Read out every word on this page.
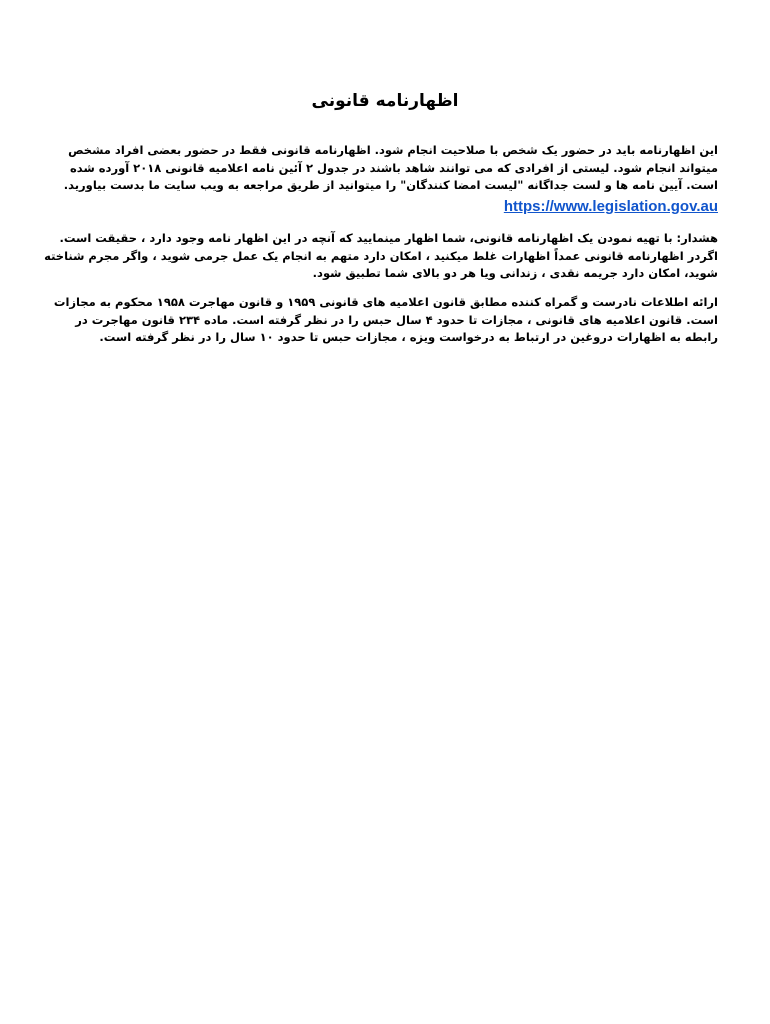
اظهارنامه قانونی
این اظهارنامه باید در حضور یک شخص با صلاحیت انجام شود. اظهارنامه قانونی فقط در حضور بعضی افراد مشخص
میتواند انجام شود. لیستی از افرادی که می توانند شاهد باشند در جدول ۲ آئین نامه اعلامیه قانونی ۲۰۱۸ آورده شده
است. آیین نامه ها و لست جداگانه "لیست امضا کنندگان" را میتوانید از طریق مراجعه به ویب سایت ما بدست بیاورید.
https://www.legislation.gov.au
هشدار: با تهیه نمودن یک اظهارنامه قانونی، شما اظهار مینمایید که آنچه در این اظهار نامه وجود دارد ، حقیقت است.
اگردر اظهارنامه قانونی عمداً اظهارات غلط میکنید ، امکان دارد متهم به انجام یک عمل جرمی شوید ، واگر مجرم شناخته
شوید، امکان دارد جریمه نقدی ، زندانی ویا هر دو بالای شما تطبیق شود.
ارائه اطلاعات نادرست و گمراه کننده مطابق قانون اعلامیه های قانونی ۱۹۵۹ و قانون مهاجرت ۱۹۵۸ محکوم به مجازات
است. قانون اعلامیه های قانونی ، مجازات تا حدود ۴ سال حبس را در نظر گرفته است. ماده ۲۳۴ قانون مهاجرت در
رابطه به اظهارات دروغین در ارتباط به درخواست ویزه ، مجازات حبس تا حدود ۱۰ سال را در نظر گرفته است.
